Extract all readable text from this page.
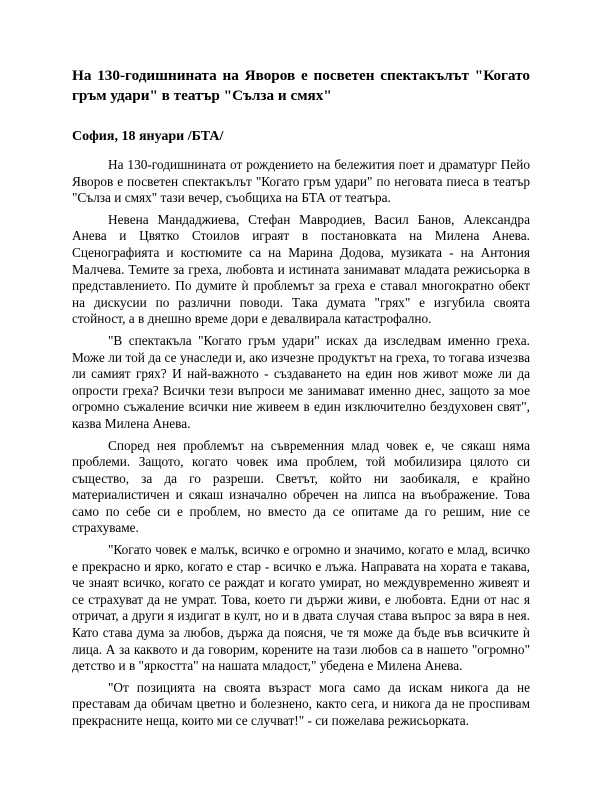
На 130-годишнината на Яворов е посветен спектакълът "Когато гръм удари" в театър "Сълза и смях"

София, 18 януари /БТА/

На 130-годишнината от рождението на бележития поет и драматург Пейо Яворов е посветен спектакълът "Когато гръм удари" по неговата пиеса в театър "Сълза и смях" тази вечер, съобщиха на БТА от театъра.

Невена Мандаджиева, Стефан Мавродиев, Васил Банов, Александра Анева и Цвятко Стоилов играят в постановката на Милена Анева. Сценографията и костюмите са на Марина Додова, музиката - на Антония Малчева. Темите за греха, любовта и истината занимават младата режисьорка в представлението. По думите ѝ проблемът за греха е ставал многократно обект на дискусии по различни поводи. Така думата "грях" е изгубила своята стойност, а в днешно време дори е девалвирала катастрофално.

"В спектакъла "Когато гръм удари" исках да изследвам именно греха. Може ли той да се унаследи и, ако изчезне продуктът на греха, то тогава изчезва ли самият грях? И най-важното - създаването на един нов живот може ли да опрости греха? Всички тези въпроси ме занимават именно днес, защото за мое огромно съжаление всички ние живеем в един изключително бездуховен свят", казва Милена Анева.

Според нея проблемът на съвременния млад човек е, че сякаш няма проблеми. Защото, когато човек има проблем, той мобилизира цялото си същество, за да го разреши. Светът, който ни заобикаля, е крайно материалистичен и сякаш изначално обречен на липса на въображение. Това само по себе си е проблем, но вместо да се опитаме да го решим, ние се страхуваме.

"Когато човек е малък, всичко е огромно и значимо, когато е млад, всичко е прекрасно и ярко, когато е стар - всичко е лъжа. Направата на хората е такава, че знаят всичко, когато се раждат и когато умират, но междувременно живеят и се страхуват да не умрат. Това, което ги държи живи, е любовта. Едни от нас я отричат, а други я издигат в култ, но и в двата случая става въпрос за вяра в нея. Като става дума за любов, държа да поясня, че тя може да бъде във всичките ѝ лица. А за каквото и да говорим, корените на тази любов са в нашето "огромно" детство и в "яркостта" на нашата младост," убедена е Милена Анева.

"От позицията на своята възраст мога само да искам никога да не преставам да обичам цветно и болезнено, както сега, и никога да не проспивам прекрасните неща, които ми се случват!" - си пожелава режисьорката.
